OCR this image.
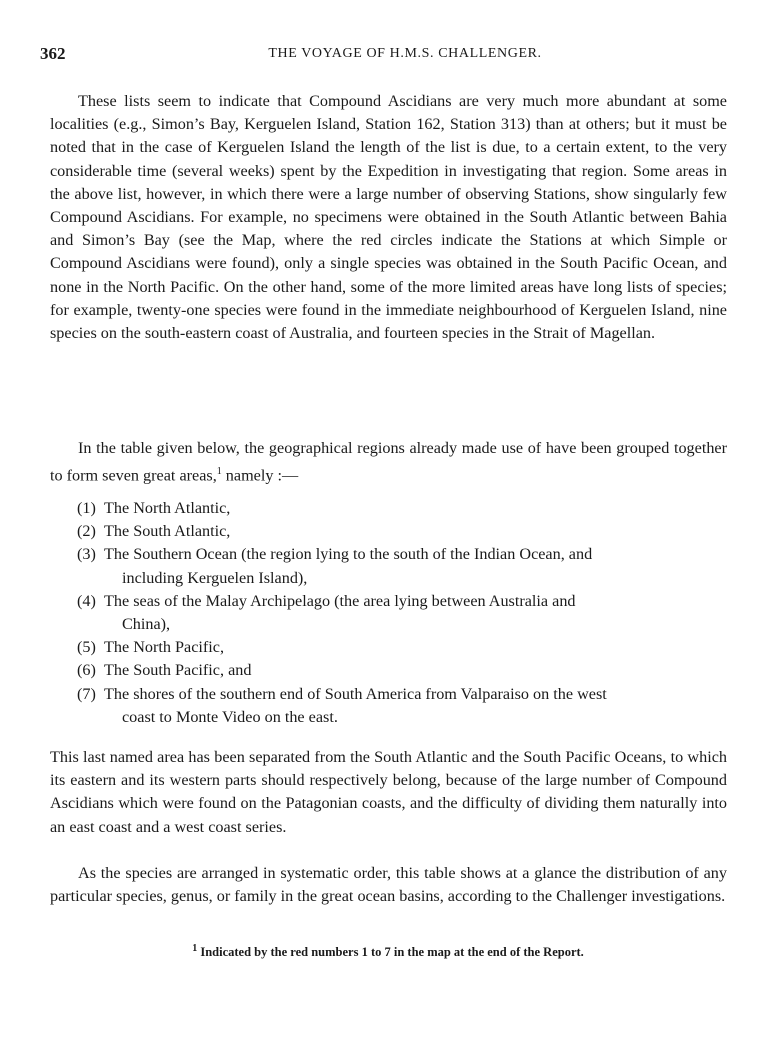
362	THE VOYAGE OF H.M.S. CHALLENGER.

These lists seem to indicate that Compound Ascidians are very much more abundant at some localities (e.g., Simon’s Bay, Kerguelen Island, Station 162, Station 313) than at others; but it must be noted that in the case of Kerguelen Island the length of the list is due, to a certain extent, to the very considerable time (several weeks) spent by the Expedition in investigating that region. Some areas in the above list, however, in which there were a large number of observing Stations, show singularly few Compound Ascidians. For example, no specimens were obtained in the South Atlantic between Bahia and Simon’s Bay (see the Map, where the red circles indicate the Stations at which Simple or Compound Ascidians were found), only a single species was obtained in the South Pacific Ocean, and none in the North Pacific. On the other hand, some of the more limited areas have long lists of species; for example, twenty-one species were found in the immediate neighbourhood of Kerguelen Island, nine species on the south-eastern coast of Australia, and fourteen species in the Strait of Magellan.

In the table given below, the geographical regions already made use of have been grouped together to form seven great areas,$^1$ namely :—

(1) The North Atlantic,
(2) The South Atlantic,
(3) The Southern Ocean (the region lying to the south of the Indian Ocean, and
including Kerguelen Island),
(4) The seas of the Malay Archipelago (the area lying between Australia and
China),
(5) The North Pacific,
(6) The South Pacific, and
(7) The shores of the southern end of South America from Valparaiso on the west
coast to Monte Video on the east.

This last named area has been separated from the South Atlantic and the South Pacific Oceans, to which its eastern and its western parts should respectively belong, because of the large number of Compound Ascidians which were found on the Patagonian coasts, and the difficulty of dividing them naturally into an east coast and a west coast series.

As the species are arranged in systematic order, this table shows at a glance the distribution of any particular species, genus, or family in the great ocean basins, according to the Challenger investigations.

$^1$ Indicated by the red numbers 1 to 7 in the map at the end of the Report.
